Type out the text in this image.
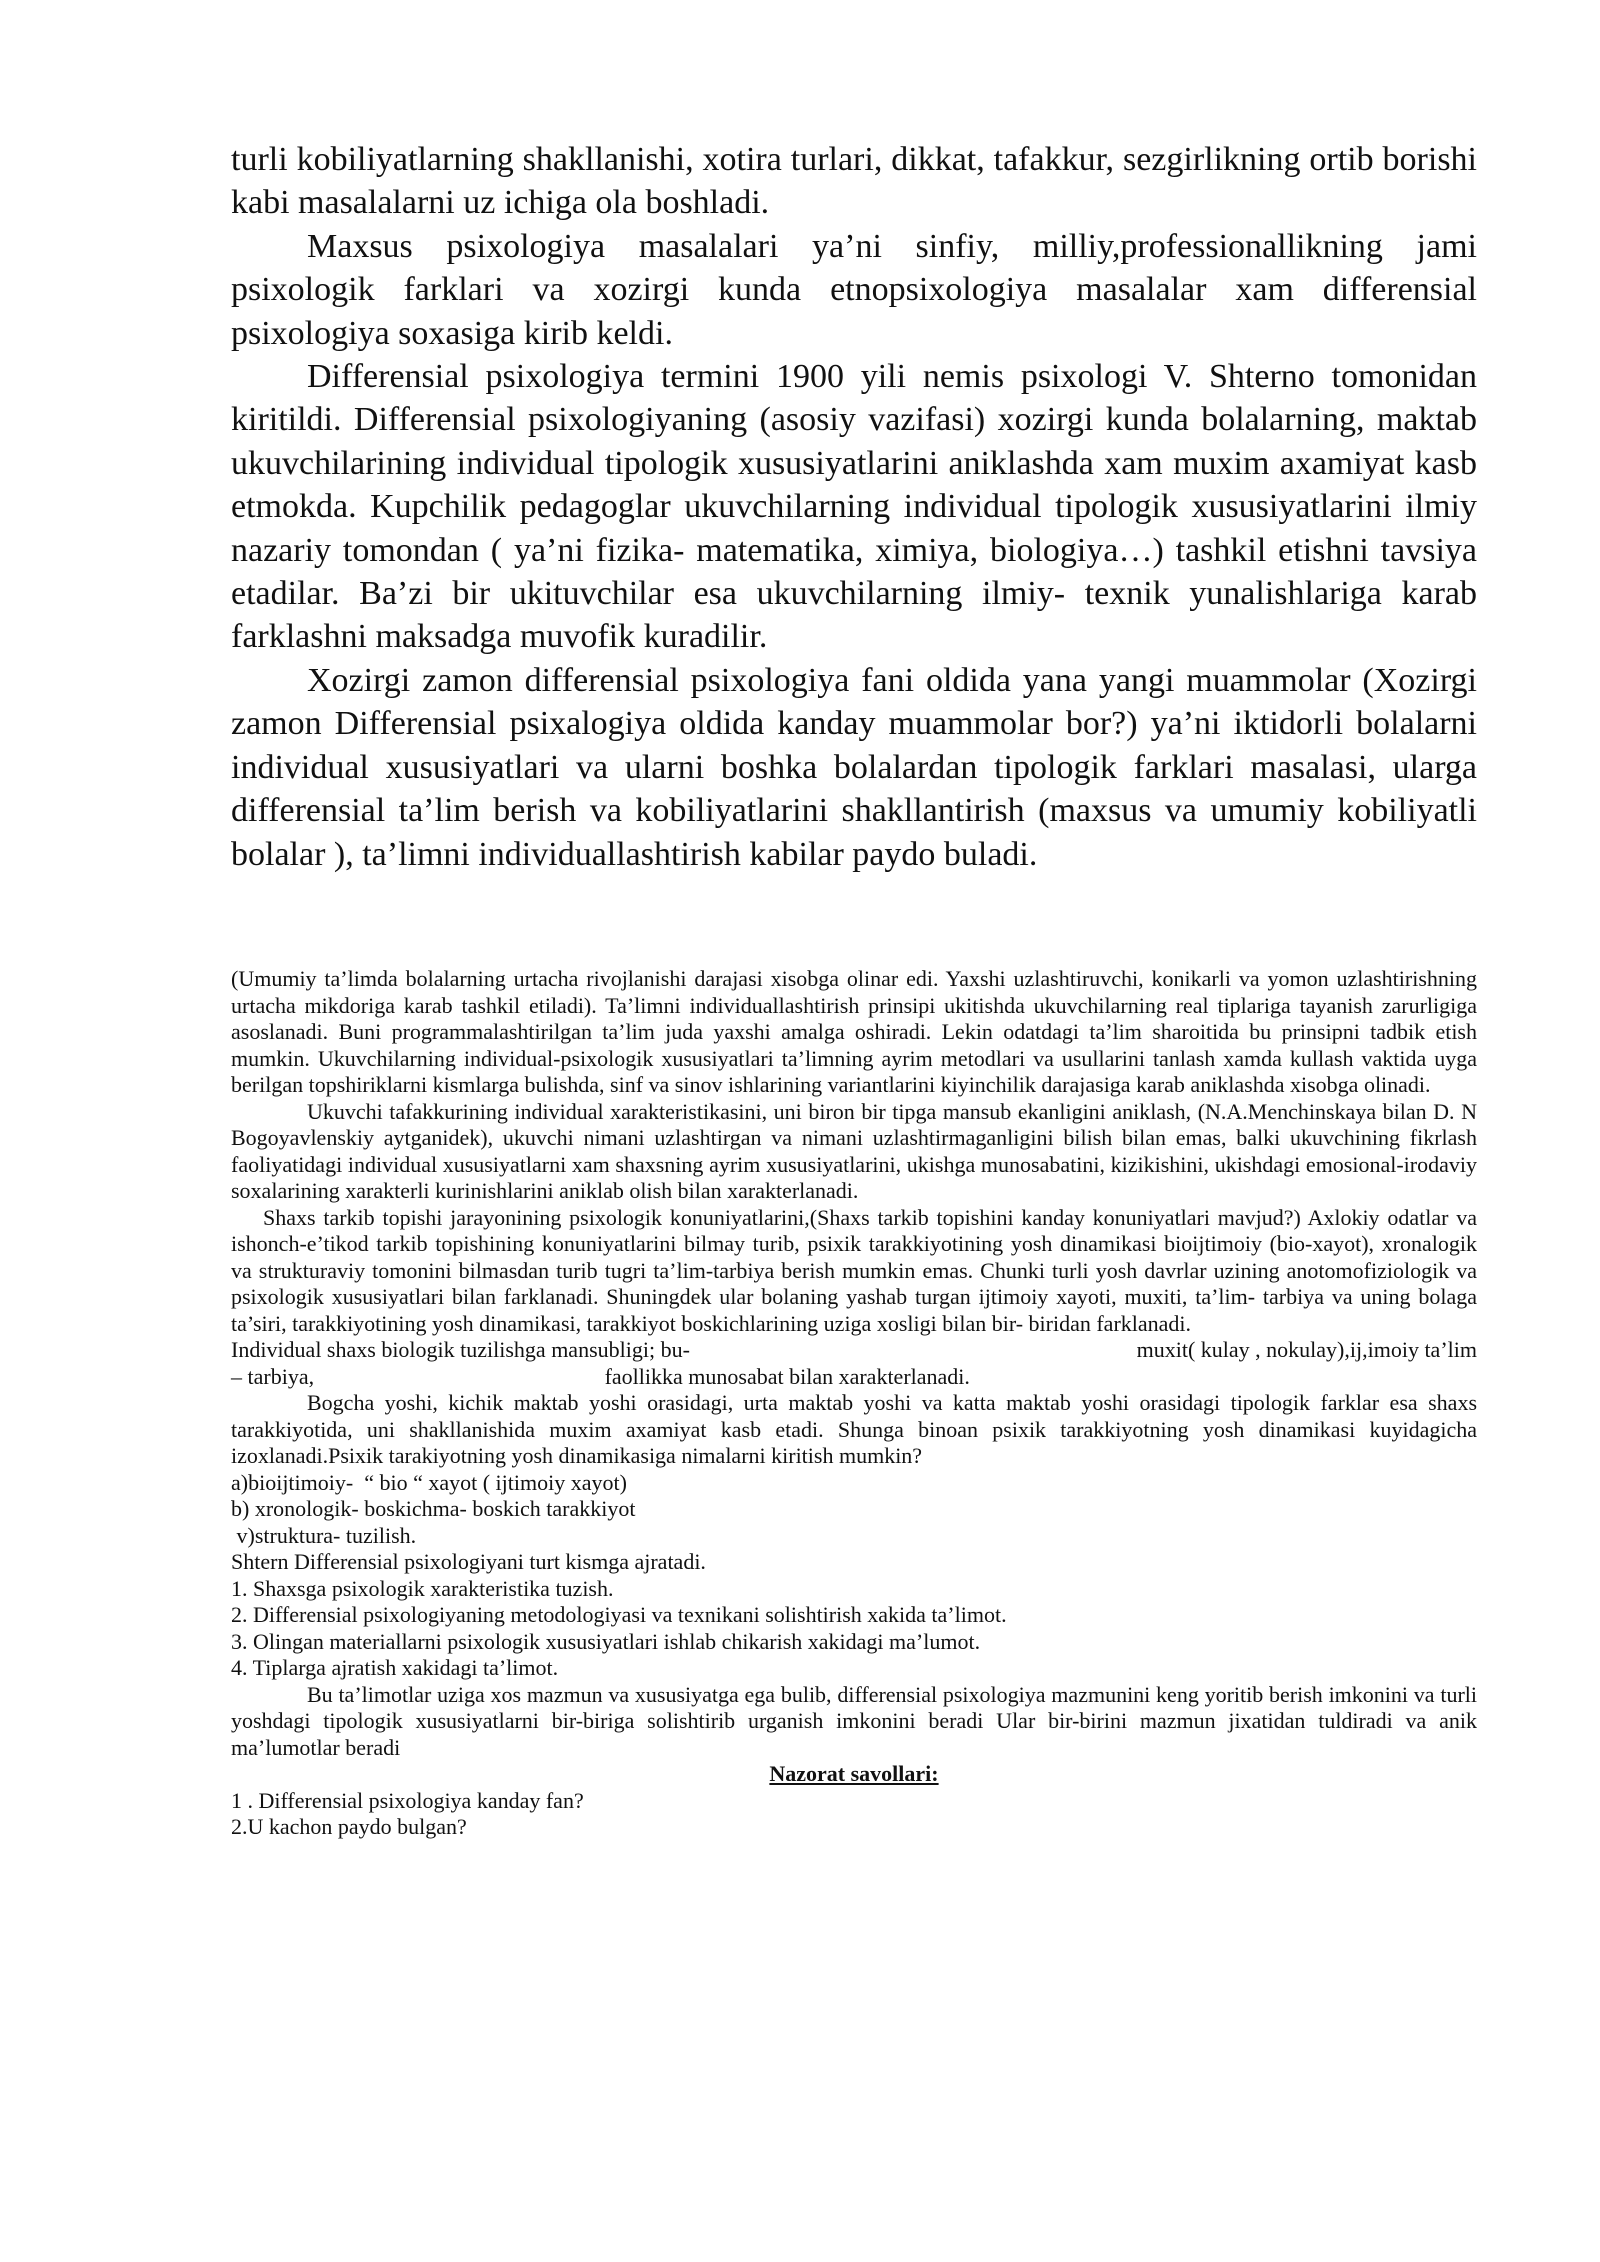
turli kobiliyatlarning shakllanishi, xotira turlari, dikkat, tafakkur, sezgirlikning ortib borishi kabi masalalarni uz ichiga ola boshladi.

Maxsus psixologiya masalalari ya’ni sinfiy, milliy,professionallikning jami psixologik farklari va xozirgi kunda etnopsixologiya masalalar xam differensial psixologiya soxasiga kirib keldi.

Differensial psixologiya termini 1900 yili nemis psixologi V. Shterno tomonidan kiritildi. Differensial psixologiyaning (asosiy vazifasi) xozirgi kunda bolalarning, maktab ukuvchilarining individual tipologik xususiyatlarini aniklashda xam muxim axamiyat kasb etmokda. Kupchilik pedagoglar ukuvchilarning individual tipologik xususiyatlarini ilmiy nazariy tomondan ( ya’ni fizika- matematika, ximiya, biologiya…) tashkil etishni tavsiya etadilar. Ba’zi bir ukituvchilar esa ukuvchilarning ilmiy- texnik yunalishlariga karab farklashni maksadga muvofik kuradilir.

Xozirgi zamon differensial psixologiya fani oldida yana yangi muammolar (Xozirgi zamon Differensial psixalogiya oldida kanday muammolar bor?) ya’ni iktidorli bolalarni individual xususiyatlari va ularni boshka bolalardan tipologik farklari masalasi, ularga differensial ta’lim berish va kobiliyatlarini shakllantirish (maxsus va umumiy kobiliyatli bolalar ), ta’limni individuallashtirish kabilar paydo buladi.

(Umumiy ta’limda bolalarning urtacha rivojlanishi darajasi xisobga olinar edi. Yaxshi uzlashtiruvchi, konikarli va yomon uzlashtirishning urtacha mikdoriga karab tashkil etiladi). Ta’limni individuallashtirish prinsipi ukitishda ukuvchilarning real tiplariga tayanish zarurligiga asoslanadi. Buni programmalashtirilgan ta’lim juda yaxshi amalga oshiradi. Lekin odatdagi ta’lim sharoitida bu prinsipni tadbik etish mumkin. Ukuvchilarning individual-psixologik xususiyatlari ta’limning ayrim metodlari va usullarini tanlash xamda kullash vaktida uyga berilgan topshiriklarni kismlarga bulishda, sinf va sinov ishlarining variantlarini kiyinchilik darajasiga karab aniklashda xisobga olinadi.

Ukuvchi tafakkurining individual xarakteristikasini, uni biron bir tipga mansub ekanligini aniklash, (N.A.Menchinskaya bilan D. N Bogoyavlenskiy aytganidek), ukuvchi nimani uzlashtirgan va nimani uzlashtirmaganligini bilish bilan emas, balki ukuvchining fikrlash faoliyatidagi individual xususiyatlarni xam shaxsning ayrim xususiyatlarini, ukishga munosabatini, kizikishini, ukishdagi emosional-irodaviy soxalarining xarakterli kurinishlarini aniklab olish bilan xarakterlanadi.

Shaxs tarkib topishi jarayonining psixologik konuniyatlarini,(Shaxs tarkib topishini kanday konuniyatlari mavjud?) Axlokiy odatlar va ishonch-e’tikod tarkib topishining konuniyatlarini bilmay turib, psixik tarakkiyotining yosh dinamikasi bioijtimoiy (bio-xayot), xronalogik va strukturaviy tomonini bilmasdan turib tugri ta’lim-tarbiya berish mumkin emas. Chunki turli yosh davrlar uzining anotomofiziologik va psixologik xususiyatlari bilan farklanadi. Shuningdek ular bolaning yashab turgan ijtimoiy xayoti, muxiti, ta’lim- tarbiya va uning bolaga ta’siri, tarakkiyotining yosh dinamikasi, tarakkiyot boskichlarining uziga xosligi bilan bir- biridan farklanadi.

Individual shaxs biologik tuzilishga mansubligi; bu-	muxit( kulay , nokulay),ij,imoiy ta’lim
– tarbiya,	faollikka munosabat bilan xarakterlanadi.

Bogcha yoshi, kichik maktab yoshi orasidagi, urta maktab yoshi va katta maktab yoshi orasidagi tipologik farklar esa shaxs tarakkiyotida, uni shakllanishida muxim axamiyat kasb etadi. Shunga binoan psixik tarakkiyotning yosh dinamikasi kuyidagicha izoxlanadi.Psixik tarakiyotning yosh dinamikasiga nimalarni kiritish mumkin?

a)bioijtimoiy-  “ bio “ xayot ( ijtimoiy xayot)
b) xronologik- boskichma- boskich tarakkiyot
v)struktura- tuzilish.
Shtern Differensial psixologiyani turt kismga ajratadi.
1. Shaxsga psixologik xarakteristika tuzish.
2. Differensial psixologiyaning metodologiyasi va texnikani solishtirish xakida ta’limot.
3. Olingan materiallarni psixologik xususiyatlari ishlab chikarish xakidagi ma’lumot.
4. Tiplarga ajratish xakidagi ta’limot.

Bu ta’limotlar uziga xos mazmun va xususiyatga ega bulib, differensial psixologiya mazmunini keng yoritib berish imkonini va turli yoshdagi tipologik xususiyatlarni bir-biriga solishtirib urganish imkonini beradi Ular bir-birini mazmun jixatidan tuldiradi va anik ma’lumotlar beradi

Nazorat savollari:
1 . Differensial psixologiya kanday fan?
2.U kachon paydo bulgan?
